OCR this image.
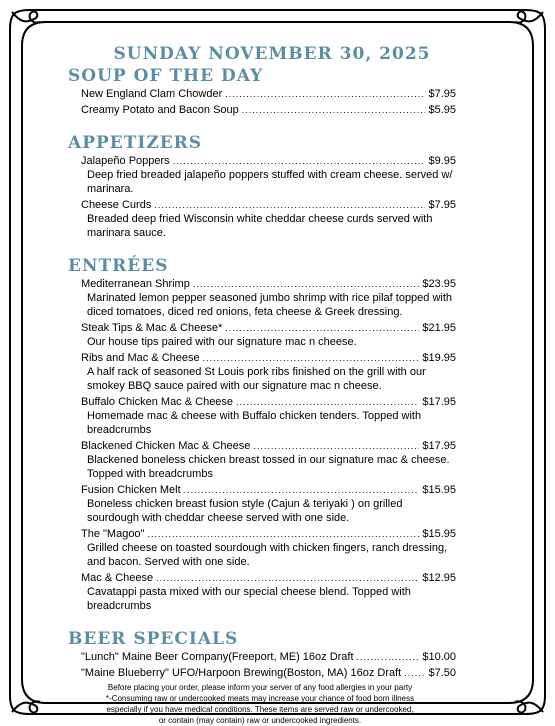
SUNDAY NOVEMBER 30, 2025
SOUP OF THE DAY
New England Clam Chowder .....	$7.95
Creamy Potato and Bacon Soup .....	$5.95
APPETIZERS
Jalapeño Poppers .....	$9.95
Deep fried breaded jalapeño poppers stuffed with cream cheese. served w/ marinara.
Cheese Curds .....	$7.95
Breaded deep fried Wisconsin white cheddar cheese curds served with marinara sauce.
ENTRÉES
Mediterranean Shrimp .....	$23.95
Marinated lemon pepper seasoned jumbo shrimp with rice pilaf topped with diced tomatoes, diced red onions, feta cheese & Greek dressing.
Steak Tips & Mac & Cheese* .....	$21.95
Our house tips paired with our signature mac n cheese.
Ribs and Mac & Cheese .....	$19.95
A half rack of seasoned St Louis pork ribs finished on the grill with our smokey BBQ sauce paired with our signature mac n cheese.
Buffalo Chicken Mac & Cheese .....	$17.95
Homemade mac & cheese with Buffalo chicken tenders. Topped with breadcrumbs
Blackened Chicken Mac & Cheese .....	$17.95
Blackened boneless chicken breast tossed in our signature mac & cheese. Topped with breadcrumbs
Fusion Chicken Melt .....	$15.95
Boneless chicken breast fusion style (Cajun & teriyaki ) on grilled sourdough with cheddar cheese served with one side.
The "Magoo" .....	$15.95
Grilled cheese on toasted sourdough with chicken fingers, ranch dressing, and bacon. Served with one side.
Mac & Cheese .....	$12.95
Cavatappi pasta mixed with our special cheese blend. Topped with breadcrumbs
BEER SPECIALS
"Lunch" Maine Beer Company(Freeport, ME) 16oz Draft .....	$10.00
"Maine Blueberry" UFO/Harpoon Brewing(Boston, MA) 16oz Draft ..... $7.50
Before placing your order, please inform your server of any food allergies in your party
*-Consuming raw or undercooked meats may increase your chance of food born illness
especially if you have medical conditions. These items are served raw or undercooked,
or contain (may contain) raw or undercooked ingredients.
